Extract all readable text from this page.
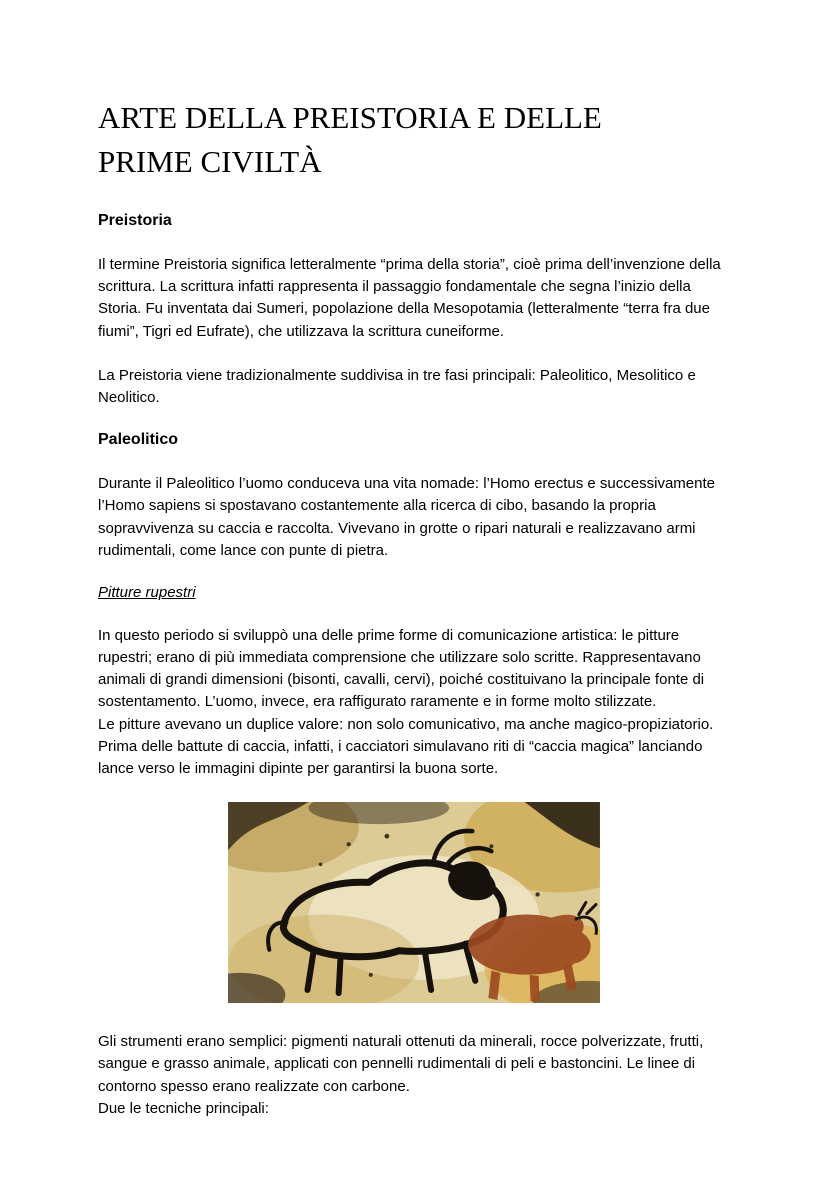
ARTE DELLA PREISTORIA E DELLE
PRIME CIVILTÀ
Preistoria

Il termine Preistoria significa letteralmente “prima della storia”, cioè prima dell’invenzione della scrittura. La scrittura infatti rappresenta il passaggio fondamentale che segna l’inizio della Storia. Fu inventata dai Sumeri, popolazione della Mesopotamia (letteralmente “terra fra due fiumi”, Tigri ed Eufrate), che utilizzava la scrittura cuneiforme.

La Preistoria viene tradizionalmente suddivisa in tre fasi principali: Paleolitico, Mesolitico e Neolitico.

Paleolitico

Durante il Paleolitico l’uomo conduceva una vita nomade: l’Homo erectus e successivamente l’Homo sapiens si spostavano costantemente alla ricerca di cibo, basando la propria sopravvivenza su caccia e raccolta. Vivevano in grotte o ripari naturali e realizzavano armi rudimentali, come lance con punte di pietra.

Pitture rupestri

In questo periodo si sviluppò una delle prime forme di comunicazione artistica: le pitture rupestri; erano di più immediata comprensione che utilizzare solo scritte. Rappresentavano animali di grandi dimensioni (bisonti, cavalli, cervi), poiché costituivano la principale fonte di sostentamento. L’uomo, invece, era raffigurato raramente e in forme molto stilizzate.
Le pitture avevano un duplice valore: non solo comunicativo, ma anche magico-propiziatorio. Prima delle battute di caccia, infatti, i cacciatori simulavano riti di “caccia magica” lanciando lance verso le immagini dipinte per garantirsi la buona sorte.

Gli strumenti erano semplici: pigmenti naturali ottenuti da minerali, rocce polverizzate, frutti, sangue e grasso animale, applicati con pennelli rudimentali di peli e bastoncini. Le linee di contorno spesso erano realizzate con carbone.
Due le tecniche principali:
